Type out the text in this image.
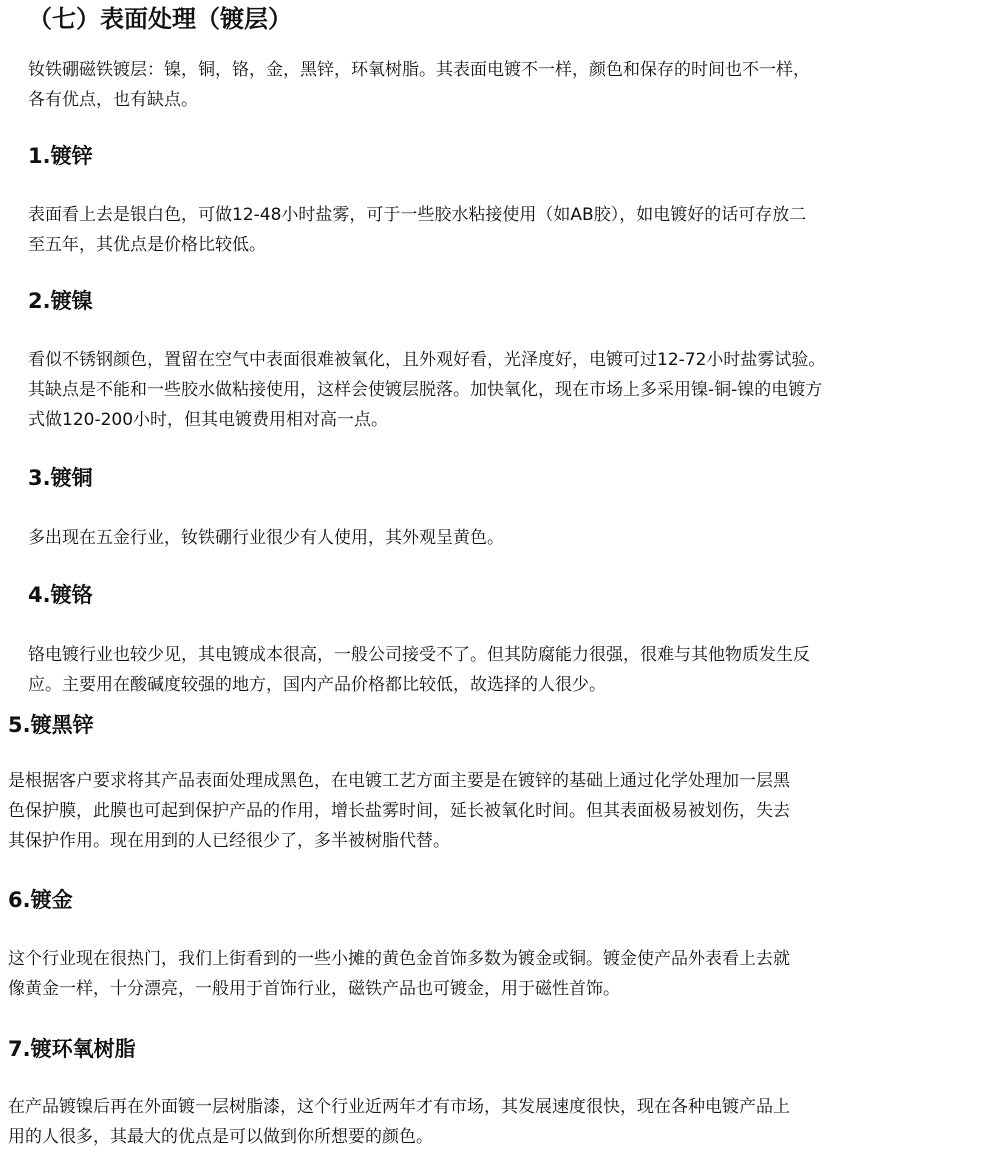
（七）表面处理（镀层）

钕铁硼磁铁镀层：镍，铜，铬，金，黑锌，环氧树脂。其表面电镀不一样，颜色和保存的时间也不一样，

各有优点，也有缺点。

1.镀锌

表面看上去是银白色，可做12-48小时盐雾，可于一些胶水粘接使用（如AB胶），如电镀好的话可存放二

至五年，其优点是价格比较低。

2.镀镍

看似不锈钢颜色，置留在空气中表面很难被氧化，且外观好看，光泽度好，电镀可过12-72小时盐雾试验。

其缺点是不能和一些胶水做粘接使用，这样会使镀层脱落。加快氧化，现在市场上多采用镍-铜-镍的电镀方

式做120-200小时，但其电镀费用相对高一点。

3.镀铜

多出现在五金行业，钕铁硼行业很少有人使用，其外观呈黄色。

4.镀铬

铬电镀行业也较少见，其电镀成本很高，一般公司接受不了。但其防腐能力很强，很难与其他物质发生反

应。主要用在酸碱度较强的地方，国内产品价格都比较低，故选择的人很少。

5.镀黑锌

是根据客户要求将其产品表面处理成黑色，在电镀工艺方面主要是在镀锌的基础上通过化学处理加一层黑

色保护膜，此膜也可起到保护产品的作用，增长盐雾时间，延长被氧化时间。但其表面极易被划伤，失去

其保护作用。现在用到的人已经很少了，多半被树脂代替。

6.镀金

这个行业现在很热门，我们上街看到的一些小摊的黄色金首饰多数为镀金或铜。镀金使产品外表看上去就

像黄金一样，十分漂亮，一般用于首饰行业，磁铁产品也可镀金，用于磁性首饰。

7.镀环氧树脂

在产品镀镍后再在外面镀一层树脂漆，这个行业近两年才有市场，其发展速度很快，现在各种电镀产品上

用的人很多，其最大的优点是可以做到你所想要的颜色。
